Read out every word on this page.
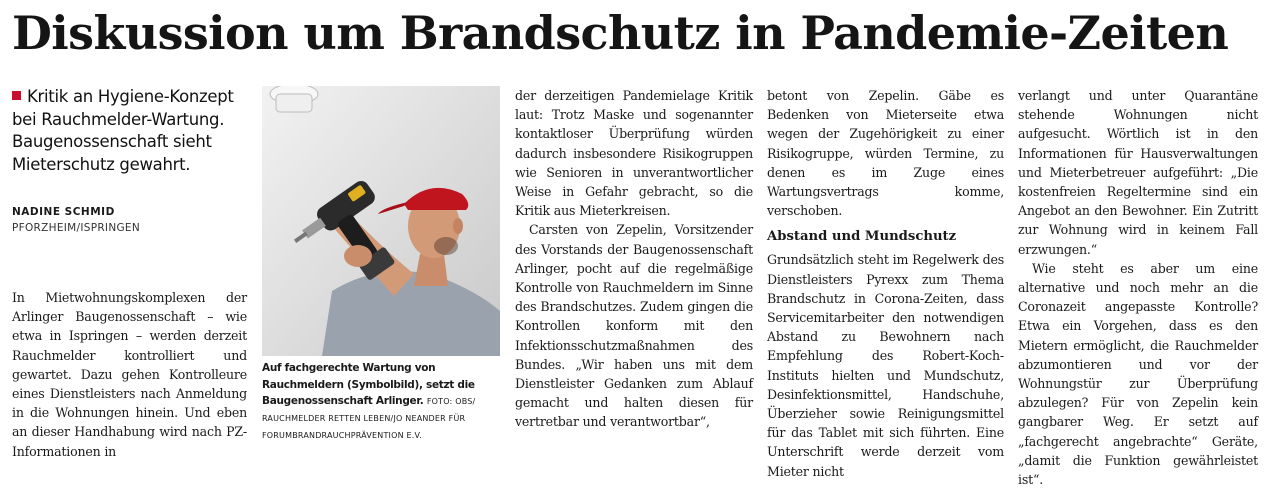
Diskussion um Brandschutz in Pandemie-Zeiten

Kritik an Hygiene-Konzept bei Rauchmelder-Wartung. Baugenossenschaft sieht Mieterschutz gewahrt.

NADINE SCHMID

PFORZHEIM/ISPRINGEN

In Mietwohnungskomplexen der Arlinger Baugenossenschaft – wie etwa in Ispringen – werden derzeit Rauchmelder kontrolliert und gewartet. Dazu gehen Kontrolleure eines Dienstleisters nach Anmeldung in die Wohnungen hinein. Und eben an dieser Handhabung wird nach PZ-Informationen in

Auf fachgerechte Wartung von Rauchmeldern (Symbolbild), setzt die Baugenossenschaft Arlinger. FOTO: OBS/
RAUCHMELDER RETTEN LEBEN/JO NEANDER FÜR FORUMBRANDRAUCHPRÄVENTION E.V.

der derzeitigen Pandemielage Kritik laut: Trotz Maske und sogenannter kontaktloser Überprüfung würden dadurch insbesondere Risikogruppen wie Senioren in unverantwortlicher Weise in Gefahr gebracht, so die Kritik aus Mieterkreisen.

Carsten von Zepelin, Vorsitzender des Vorstands der Baugenossenschaft Arlinger, pocht auf die regelmäßige Kontrolle von Rauchmeldern im Sinne des Brandschutzes. Zudem gingen die Kontrollen konform mit den Infektionsschutzmaßnahmen des Bundes. „Wir haben uns mit dem Dienstleister Gedanken zum Ablauf gemacht und halten diesen für vertretbar und verantwortbar“,

betont von Zepelin. Gäbe es Bedenken von Mieterseite etwa wegen der Zugehörigkeit zu einer Risikogruppe, würden Termine, zu denen es im Zuge eines Wartungsvertrags komme, verschoben.

Abstand und Mundschutz

Grundsätzlich steht im Regelwerk des Dienstleisters Pyrexx zum Thema Brandschutz in Corona-Zeiten, dass Servicemitarbeiter den notwendigen Abstand zu Bewohnern nach Empfehlung des Robert-Koch-Instituts hielten und Mundschutz, Desinfektionsmittel, Handschuhe, Überzieher sowie Reinigungsmittel für das Tablet mit sich führten. Eine Unterschrift werde derzeit vom Mieter nicht

verlangt und unter Quarantäne stehende Wohnungen nicht aufgesucht. Wörtlich ist in den Informationen für Hausverwaltungen und Mieterbetreuer aufgeführt: „Die kostenfreien Regeltermine sind ein Angebot an den Bewohner. Ein Zutritt zur Wohnung wird in keinem Fall erzwungen.“

Wie steht es aber um eine alternative und noch mehr an die Coronazeit angepasste Kontrolle? Etwa ein Vorgehen, dass es den Mietern ermöglicht, die Rauchmelder abzumontieren und vor der Wohnungstür zur Überprüfung abzulegen? Für von Zepelin kein gangbarer Weg. Er setzt auf „fachgerecht angebrachte“ Geräte, „damit die Funktion gewährleistet ist“.
